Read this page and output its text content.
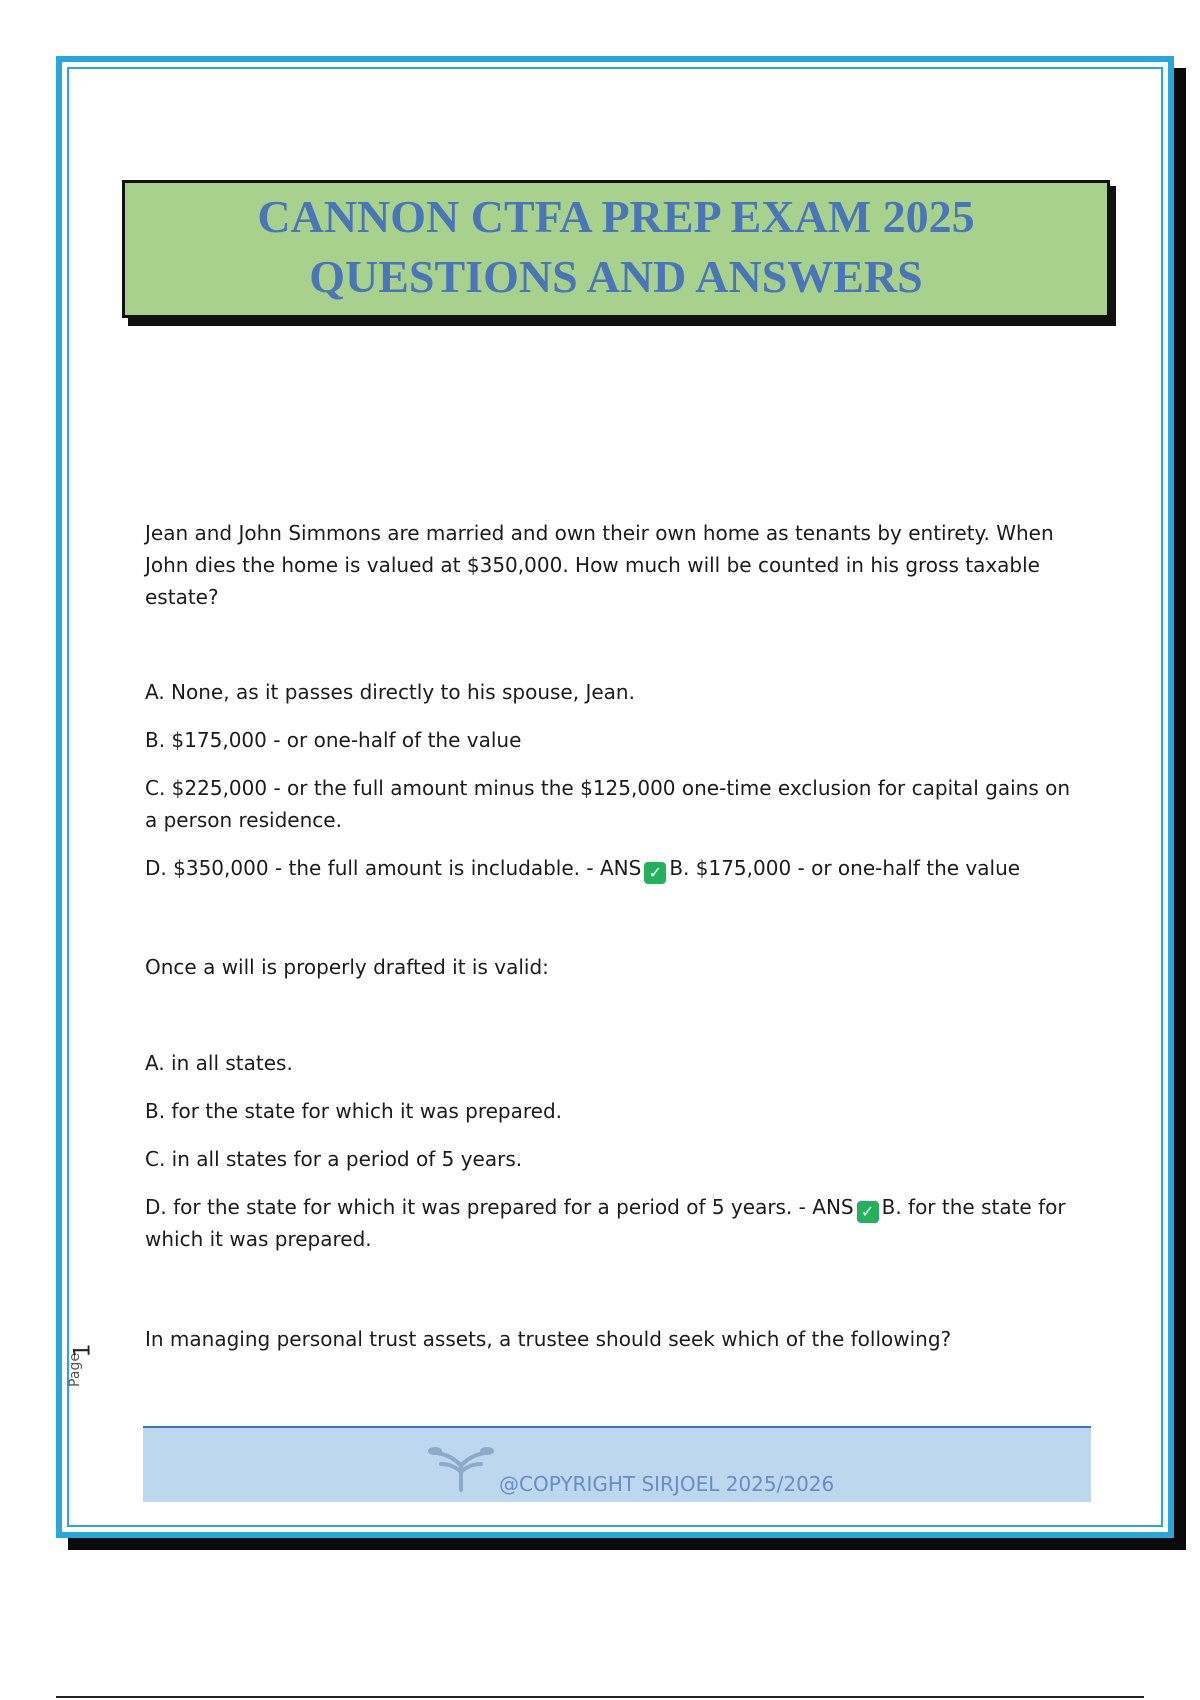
CANNON CTFA PREP EXAM 2025
QUESTIONS AND ANSWERS
Jean and John Simmons are married and own their own home as tenants by entirety. When John dies the home is valued at $350,000. How much will be counted in his gross taxable estate?
A. None, as it passes directly to his spouse, Jean.
B. $175,000 - or one-half of the value
C. $225,000 - or the full amount minus the $125,000 one-time exclusion for capital gains on a person residence.
D. $350,000 - the full amount is includable. - ANS ✓ B. $175,000 - or one-half the value
Once a will is properly drafted it is valid:
A. in all states.
B. for the state for which it was prepared.
C. in all states for a period of 5 years.
D. for the state for which it was prepared for a period of 5 years. - ANS ✓ B. for the state for which it was prepared.
In managing personal trust assets, a trustee should seek which of the following?
Page
1
@COPYRIGHT SIRJOEL 2025/2026
